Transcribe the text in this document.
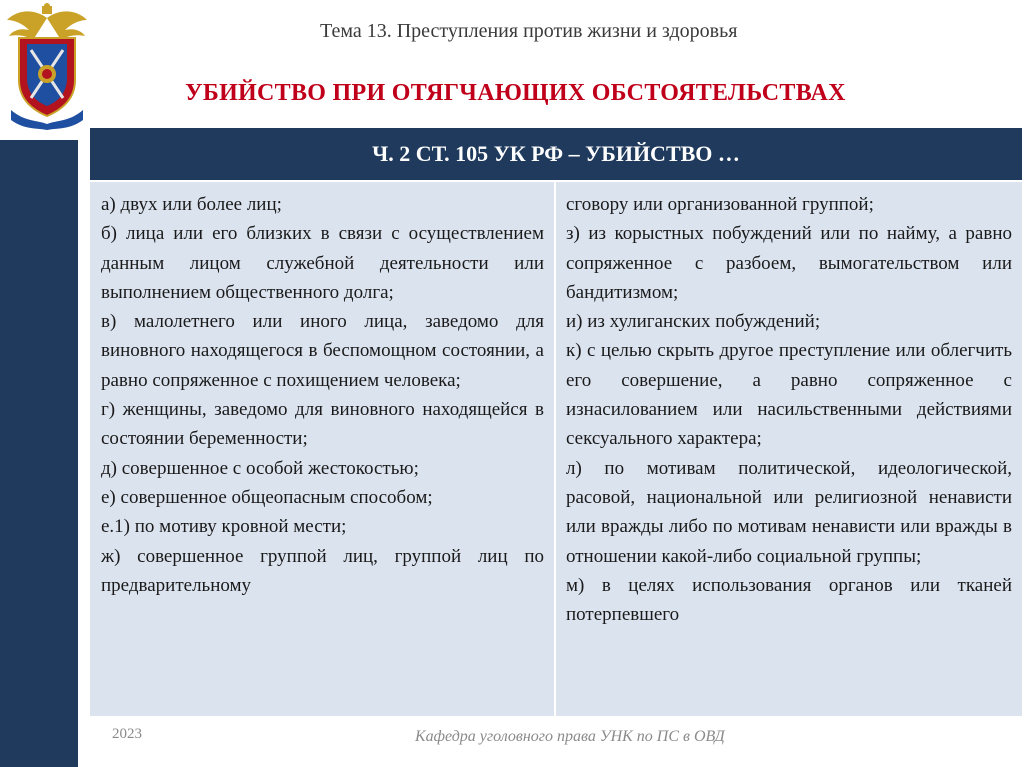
Тема 13. Преступления против жизни и здоровья
УБИЙСТВО ПРИ ОТЯГЧАЮЩИХ ОБСТОЯТЕЛЬСТВАХ
Ч. 2 СТ. 105 УК РФ – УБИЙСТВО …
а) двух или более лиц;
б) лица или его близких в связи с осуществлением данным лицом служебной деятельности или выполнением общественного долга;
в) малолетнего или иного лица, заведомо для виновного находящегося в беспомощном состоянии, а равно сопряженное с похищением человека;
г) женщины, заведомо для виновного находящейся в состоянии беременности;
д) совершенное с особой жестокостью;
е) совершенное общеопасным способом;
е.1) по мотиву кровной мести;
ж) совершенное группой лиц, группой лиц по предварительному
сговору или организованной группой;
з) из корыстных побуждений или по найму, а равно сопряженное с разбоем, вымогательством или бандитизмом;
и) из хулиганских побуждений;
к) с целью скрыть другое преступление или облегчить его совершение, а равно сопряженное с изнасилованием или насильственными действиями сексуального характера;
л) по мотивам политической, идеологической, расовой, национальной или религиозной ненависти или вражды либо по мотивам ненависти или вражды в отношении какой-либо социальной группы;
м) в целях использования органов или тканей потерпевшего
2023	Кафедра уголовного права УНК по ПС в ОВД
